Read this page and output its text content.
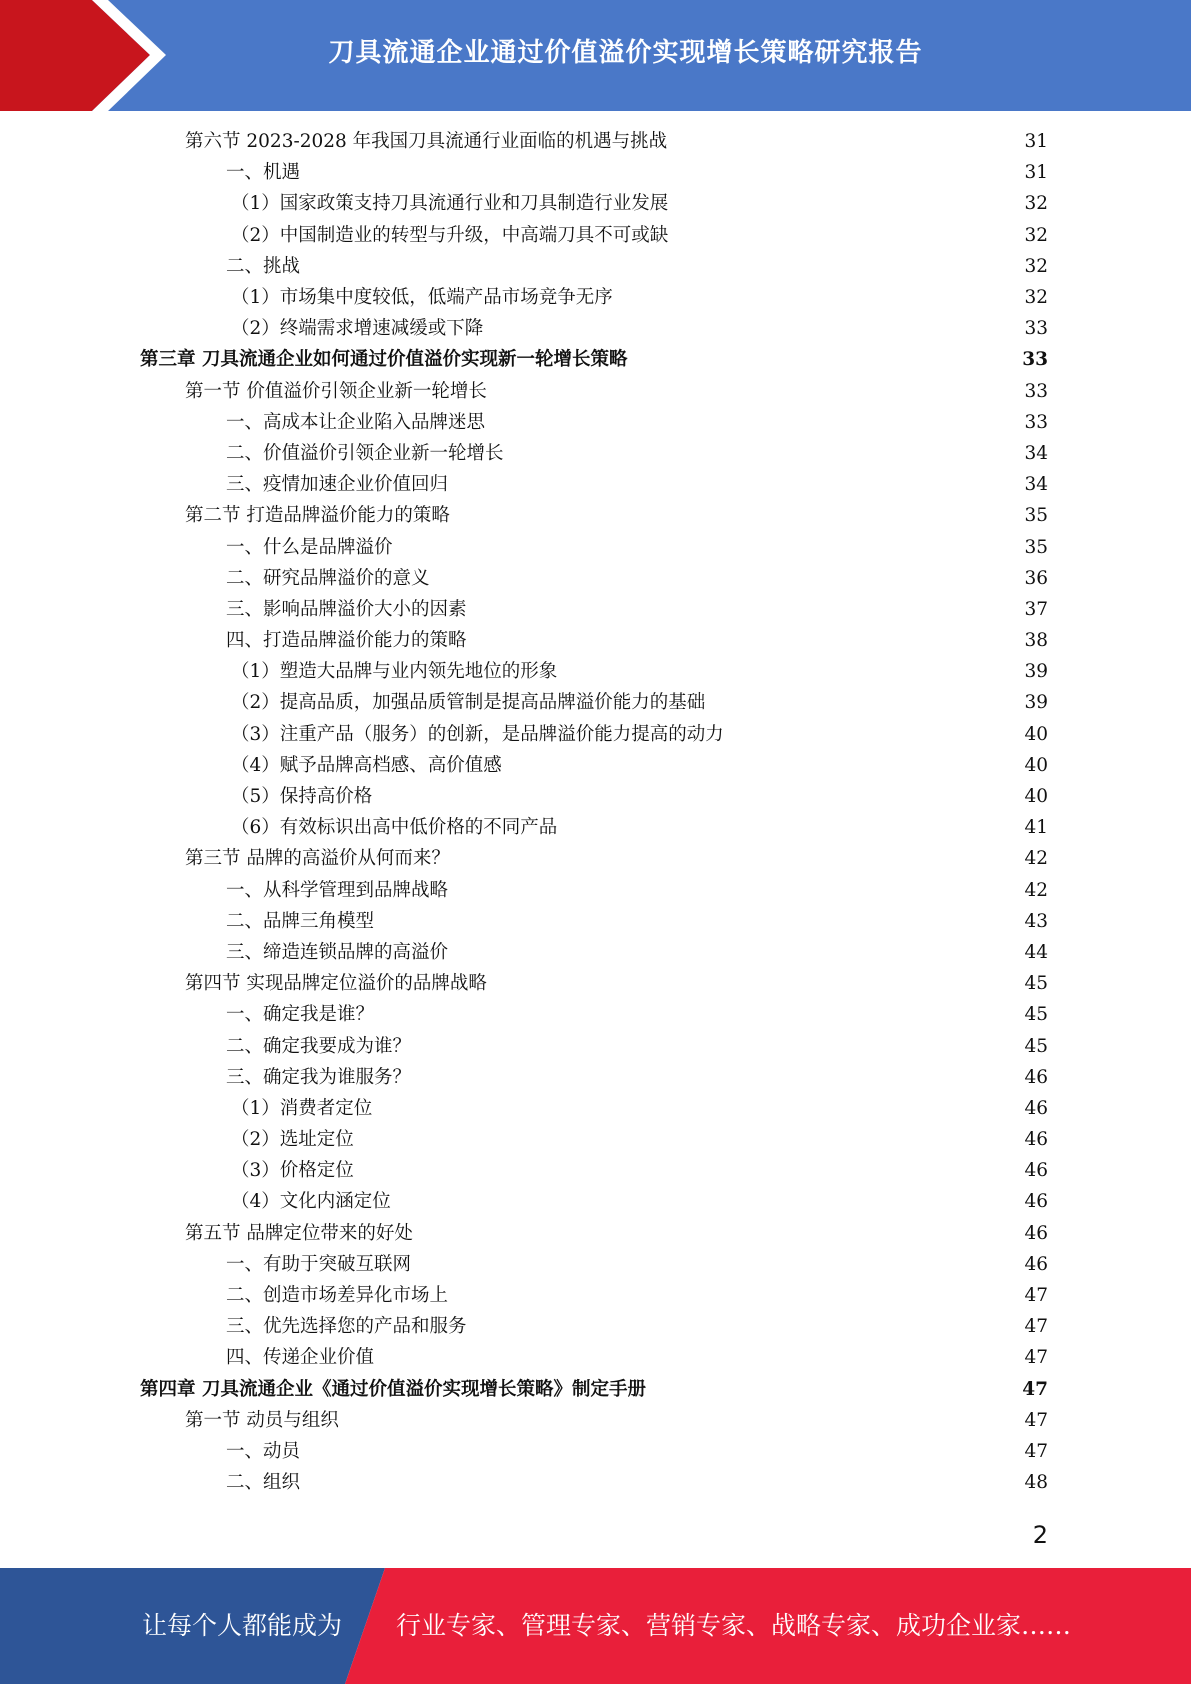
刀具流通企业通过价值溢价实现增长策略研究报告
第六节 2023-2028 年我国刀具流通行业面临的机遇与挑战	31
一、机遇	31
（1）国家政策支持刀具流通行业和刀具制造行业发展	32
（2）中国制造业的转型与升级，中高端刀具不可或缺	32
二、挑战	32
（1）市场集中度较低，低端产品市场竞争无序	32
（2）终端需求增速减缓或下降	33
第三章 刀具流通企业如何通过价值溢价实现新一轮增长策略	33
第一节 价值溢价引领企业新一轮增长	33
一、高成本让企业陷入品牌迷思	33
二、价值溢价引领企业新一轮增长	34
三、疫情加速企业价值回归	34
第二节 打造品牌溢价能力的策略	35
一、什么是品牌溢价	35
二、研究品牌溢价的意义	36
三、影响品牌溢价大小的因素	37
四、打造品牌溢价能力的策略	38
（1）塑造大品牌与业内领先地位的形象	39
（2）提高品质，加强品质管制是提高品牌溢价能力的基础	39
（3）注重产品（服务）的创新，是品牌溢价能力提高的动力	40
（4）赋予品牌高档感、高价值感	40
（5）保持高价格	40
（6）有效标识出高中低价格的不同产品	41
第三节 品牌的高溢价从何而来？	42
一、从科学管理到品牌战略	42
二、品牌三角模型	43
三、缔造连锁品牌的高溢价	44
第四节 实现品牌定位溢价的品牌战略	45
一、确定我是谁？	45
二、确定我要成为谁？	45
三、确定我为谁服务？	46
（1）消费者定位	46
（2）选址定位	46
（3）价格定位	46
（4）文化内涵定位	46
第五节 品牌定位带来的好处	46
一、有助于突破互联网	46
二、创造市场差异化市场上	47
三、优先选择您的产品和服务	47
四、传递企业价值	47
第四章 刀具流通企业《通过价值溢价实现增长策略》制定手册	47
第一节 动员与组织	47
一、动员	47
二、组织	48
2
让每个人都能成为 行业专家、管理专家、营销专家、战略专家、成功企业家……
